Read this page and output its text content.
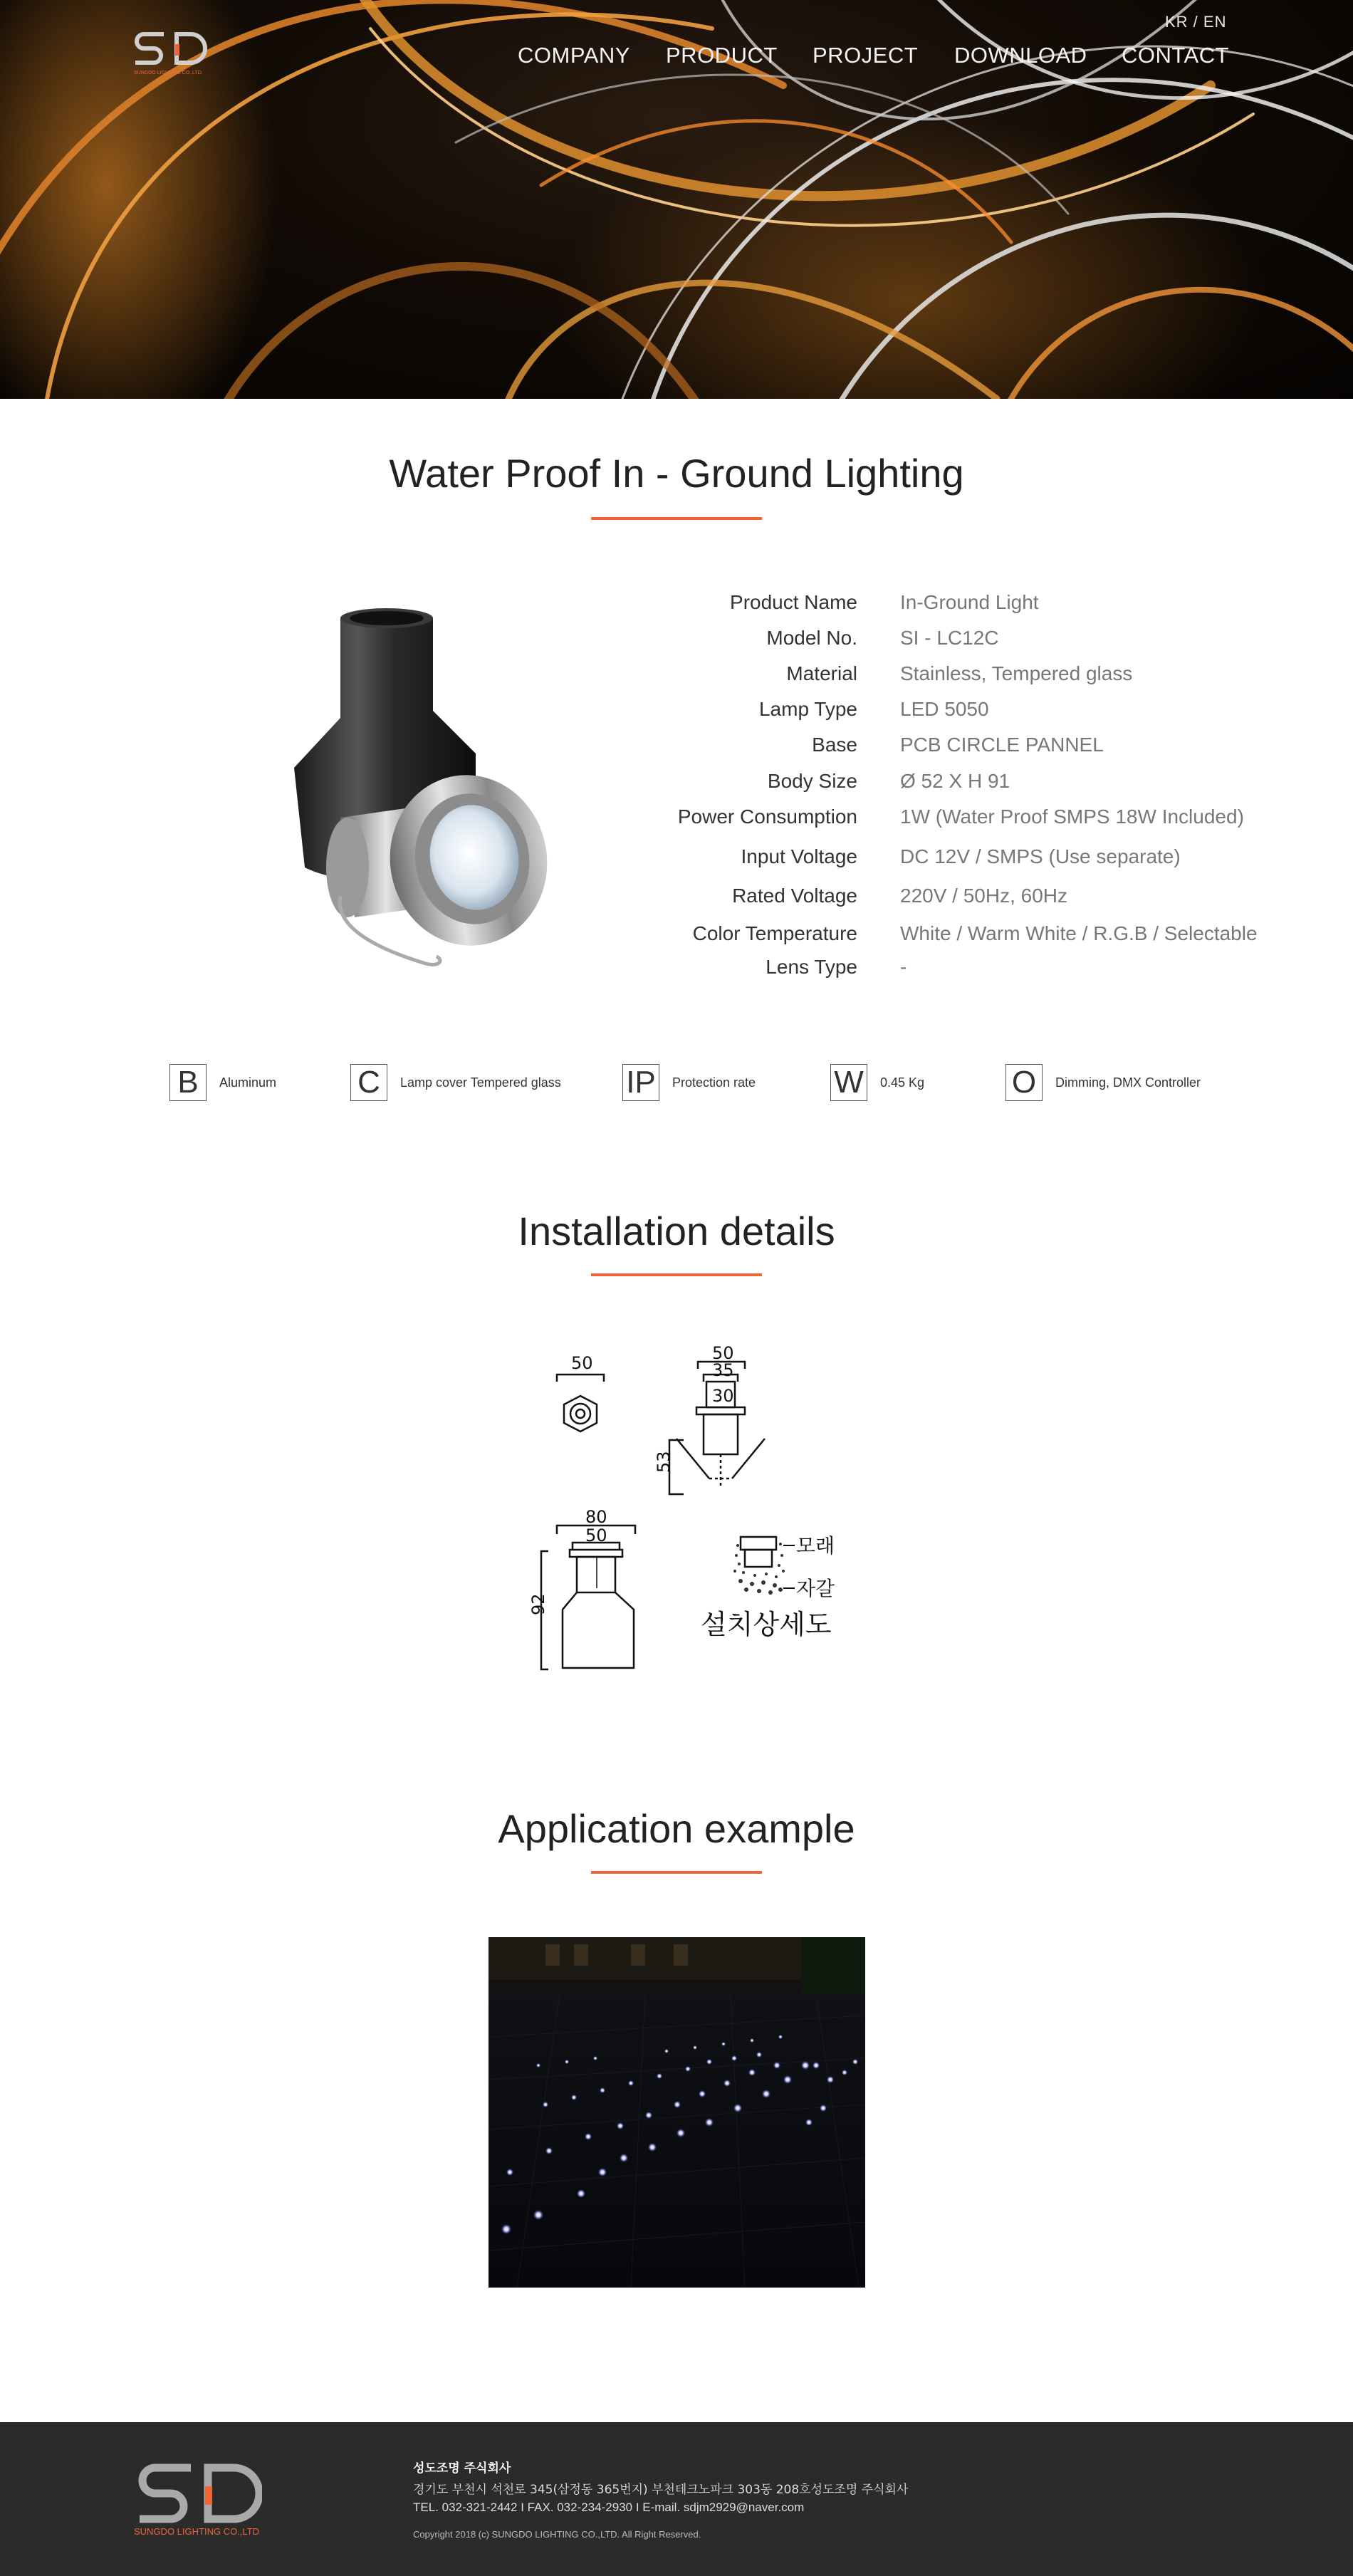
SUNGDO LIGHTING CO.,LTD.
KR / EN
COMPANY PRODUCT PROJECT DOWNLOAD CONTACT
Water Proof In - Ground Lighting
Product Name In-Ground Light
Model No. SI - LC12C
Material Stainless, Tempered glass
Lamp Type LED 5050
Base PCB CIRCLE PANNEL
Body Size Ø 52 X H 91
Power Consumption 1W (Water Proof SMPS 18W Included)
Input Voltage DC 12V / SMPS (Use separate)
Rated Voltage 220V / 50Hz, 60Hz
Color Temperature White / Warm White / R.G.B / Selectable
Lens Type -
B	Aluminum	C	Lamp cover Tempered glass IP Protection rate	W 0.45 Kg	O	Dimming, DMX Controller
Installation details
50	50
35
30
53
80
50
92
모래
자갈
설치상세도
Application example
SUNGDO LIGHTING CO.,LTD
성도조명 주식회사
경기도 부천시 석천로 345(삼정동 365번지) 부천테크노파크 303동 208호성도조명 주식회사
TEL. 032-321-2442 I FAX. 032-234-2930 I E-mail. sdjm2929@naver.com
Copyright 2018 (c) SUNGDO LIGHTING CO.,LTD. All Right Reserved.
